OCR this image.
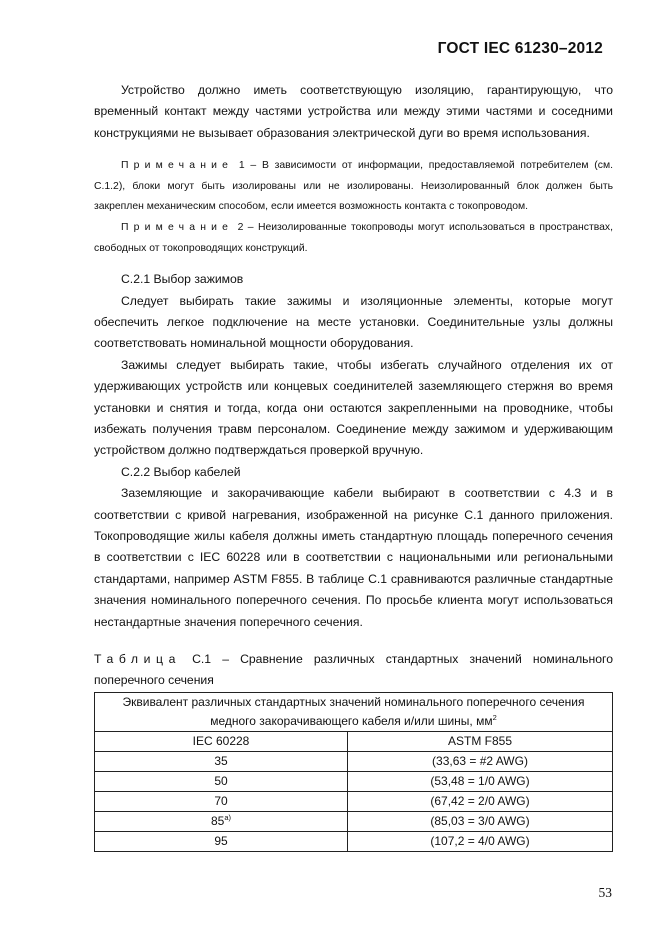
ГОСТ IEC 61230–2012

Устройство должно иметь соответствующую изоляцию, гарантирующую, что временный контакт между частями устройства или между этими частями и соседними конструкциями не вызывает образования электрической дуги во время использования.

Примечание 1 – В зависимости от информации, предоставляемой потребителем (см. С.1.2), блоки могут быть изолированы или не изолированы. Неизолированный блок должен быть закреплен механическим способом, если имеется возможность контакта с токопроводом.

Примечание 2 – Неизолированные токопроводы могут использоваться в пространствах, свободных от токопроводящих конструкций.

С.2.1 Выбор зажимов

Следует выбирать такие зажимы и изоляционные элементы, которые могут обеспечить легкое подключение на месте установки. Соединительные узлы должны соответствовать номинальной мощности оборудования.

Зажимы следует выбирать такие, чтобы избегать случайного отделения их от удерживающих устройств или концевых соединителей заземляющего стержня во время установки и снятия и тогда, когда они остаются закрепленными на проводнике, чтобы избежать получения травм персоналом. Соединение между зажимом и удерживающим устройством должно подтверждаться проверкой вручную.

С.2.2 Выбор кабелей

Заземляющие и закорачивающие кабели выбирают в соответствии с 4.3 и в соответствии с кривой нагревания, изображенной на рисунке С.1 данного приложения. Токопроводящие жилы кабеля должны иметь стандартную площадь поперечного сечения в соответствии с IEC 60228 или в соответствии с национальными или региональными стандартами, например ASTM F855. В таблице С.1 сравниваются различные стандартные значения номинального поперечного сечения. По просьбе клиента могут использоваться нестандартные значения поперечного сечения.

Таблица С.1 – Сравнение различных стандартных значений номинального поперечного сечения

Эквивалент различных стандартных значений номинального поперечного сечения
медного закорачивающего кабеля и/или шины, $мм^2$
IEC 60228	ASTM F855
35	(33,63 = #2 AWG)
50	(53,48 = 1/0 AWG)
70	(67,42 = 2/0 AWG)
85$^{a)}$	(85,03 = 3/0 AWG)
95	(107,2 = 4/0 AWG)
53
